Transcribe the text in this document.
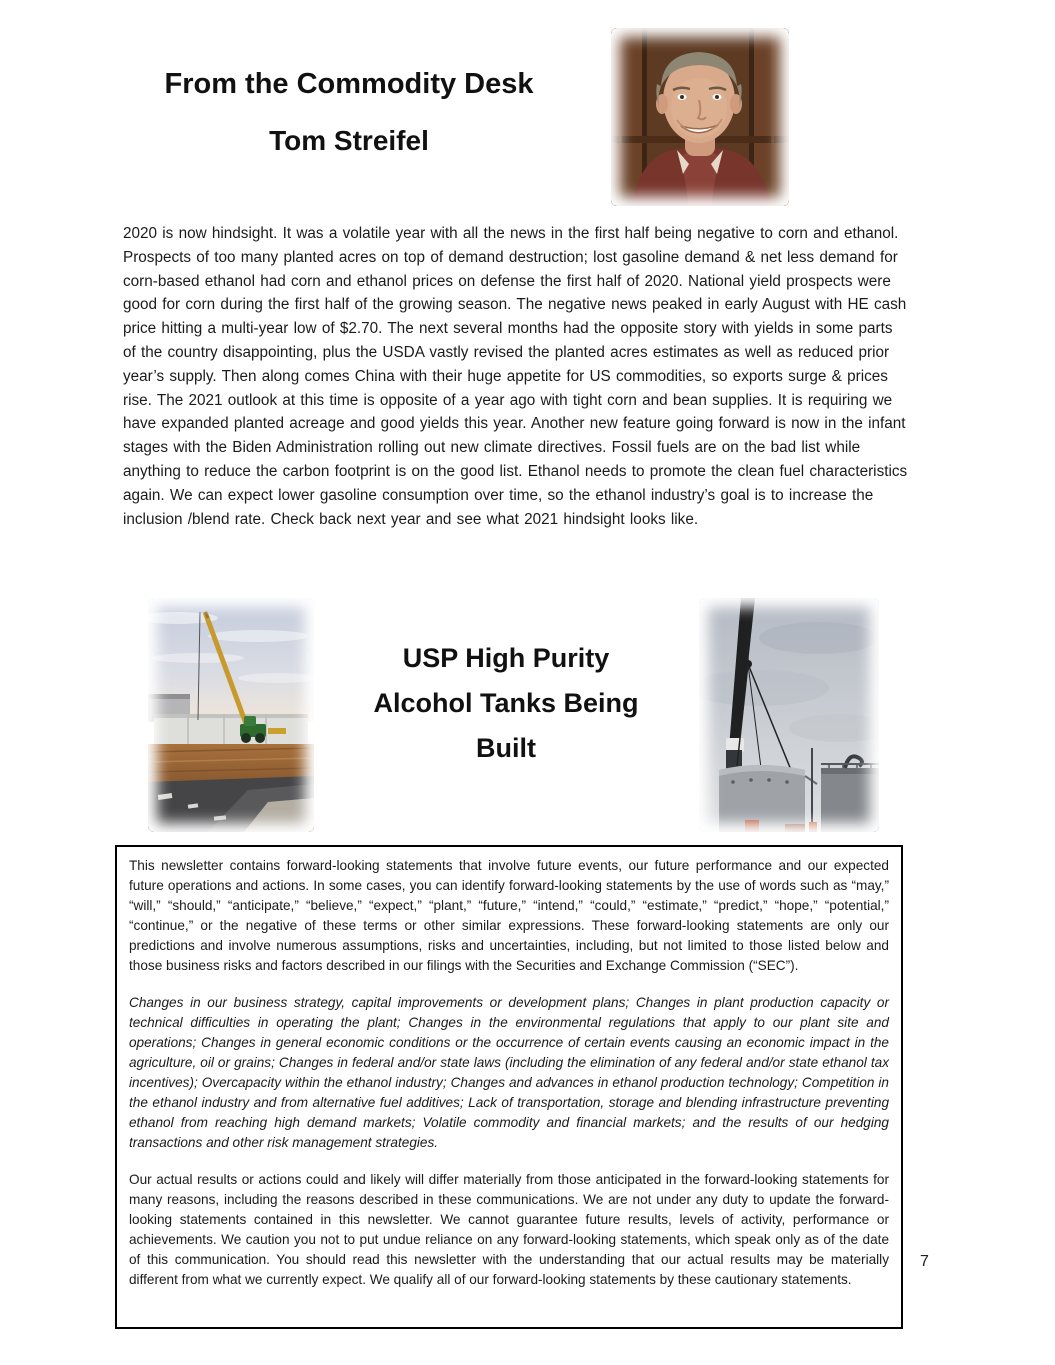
From the Commodity Desk
Tom Streifel
2020 is now hindsight. It was a volatile year with all the news in the first half being negative to corn and ethanol. Prospects of too many planted acres on top of demand destruction; lost gasoline demand & net less demand for corn-based ethanol had corn and ethanol prices on defense the first half of 2020. National yield prospects were good for corn during the first half of the growing season. The negative news peaked in early August with HE cash price hitting a multi-year low of $2.70. The next several months had the opposite story with yields in some parts of the country disappointing, plus the USDA vastly revised the planted acres estimates as well as reduced prior year’s supply. Then along comes China with their huge appetite for US commodities, so exports surge & prices rise. The 2021 outlook at this time is opposite of a year ago with tight corn and bean supplies. It is requiring we have expanded planted acreage and good yields this year. Another new feature going forward is now in the infant stages with the Biden Administration rolling out new climate directives. Fossil fuels are on the bad list while anything to reduce the carbon footprint is on the good list. Ethanol needs to promote the clean fuel characteristics again. We can expect lower gasoline consumption over time, so the ethanol industry’s goal is to increase the inclusion /blend rate. Check back next year and see what 2021 hindsight looks like.
USP High Purity
Alcohol Tanks Being
Built

This newsletter contains forward-looking statements that involve future events, our future performance and our expected future operations and actions. In some cases, you can identify forward-looking statements by the use of words such as “may,” “will,” “should,” “anticipate,” “believe,” “expect,” “plant,” “future,” “intend,” “could,” “estimate,” “predict,” “hope,” “potential,” “continue,” or the negative of these terms or other similar expressions. These forward-looking statements are only our predictions and involve numerous assumptions, risks and uncertainties, including, but not limited to those listed below and those business risks and factors described in our filings with the Securities and Exchange Commission (“SEC”).

Changes in our business strategy, capital improvements or development plans; Changes in plant production capacity or technical difficulties in operating the plant; Changes in the environmental regulations that apply to our plant site and operations; Changes in general economic conditions or the occurrence of certain events causing an economic impact in the agriculture, oil or grains; Changes in federal and/or state laws (including the elimination of any federal and/or state ethanol tax incentives); Overcapacity within the ethanol industry; Changes and advances in ethanol production technology; Competition in the ethanol industry and from alternative fuel additives; Lack of transportation, storage and blending infrastructure preventing ethanol from reaching high demand markets; Volatile commodity and financial markets; and the results of our hedging transactions and other risk management strategies.

Our actual results or actions could and likely will differ materially from those anticipated in the forward-looking statements for many reasons, including the reasons described in these communications. We are not under any duty to update the forward-looking statements contained in this newsletter. We cannot guarantee future results, levels of activity, performance or achievements. We caution you not to put undue reliance on any forward-looking statements, which speak only as of the date of this communication. You should read this newsletter with the understanding that our actual results may be materially different from what we currently expect. We qualify all of our forward-looking statements by these cautionary statements.

7
